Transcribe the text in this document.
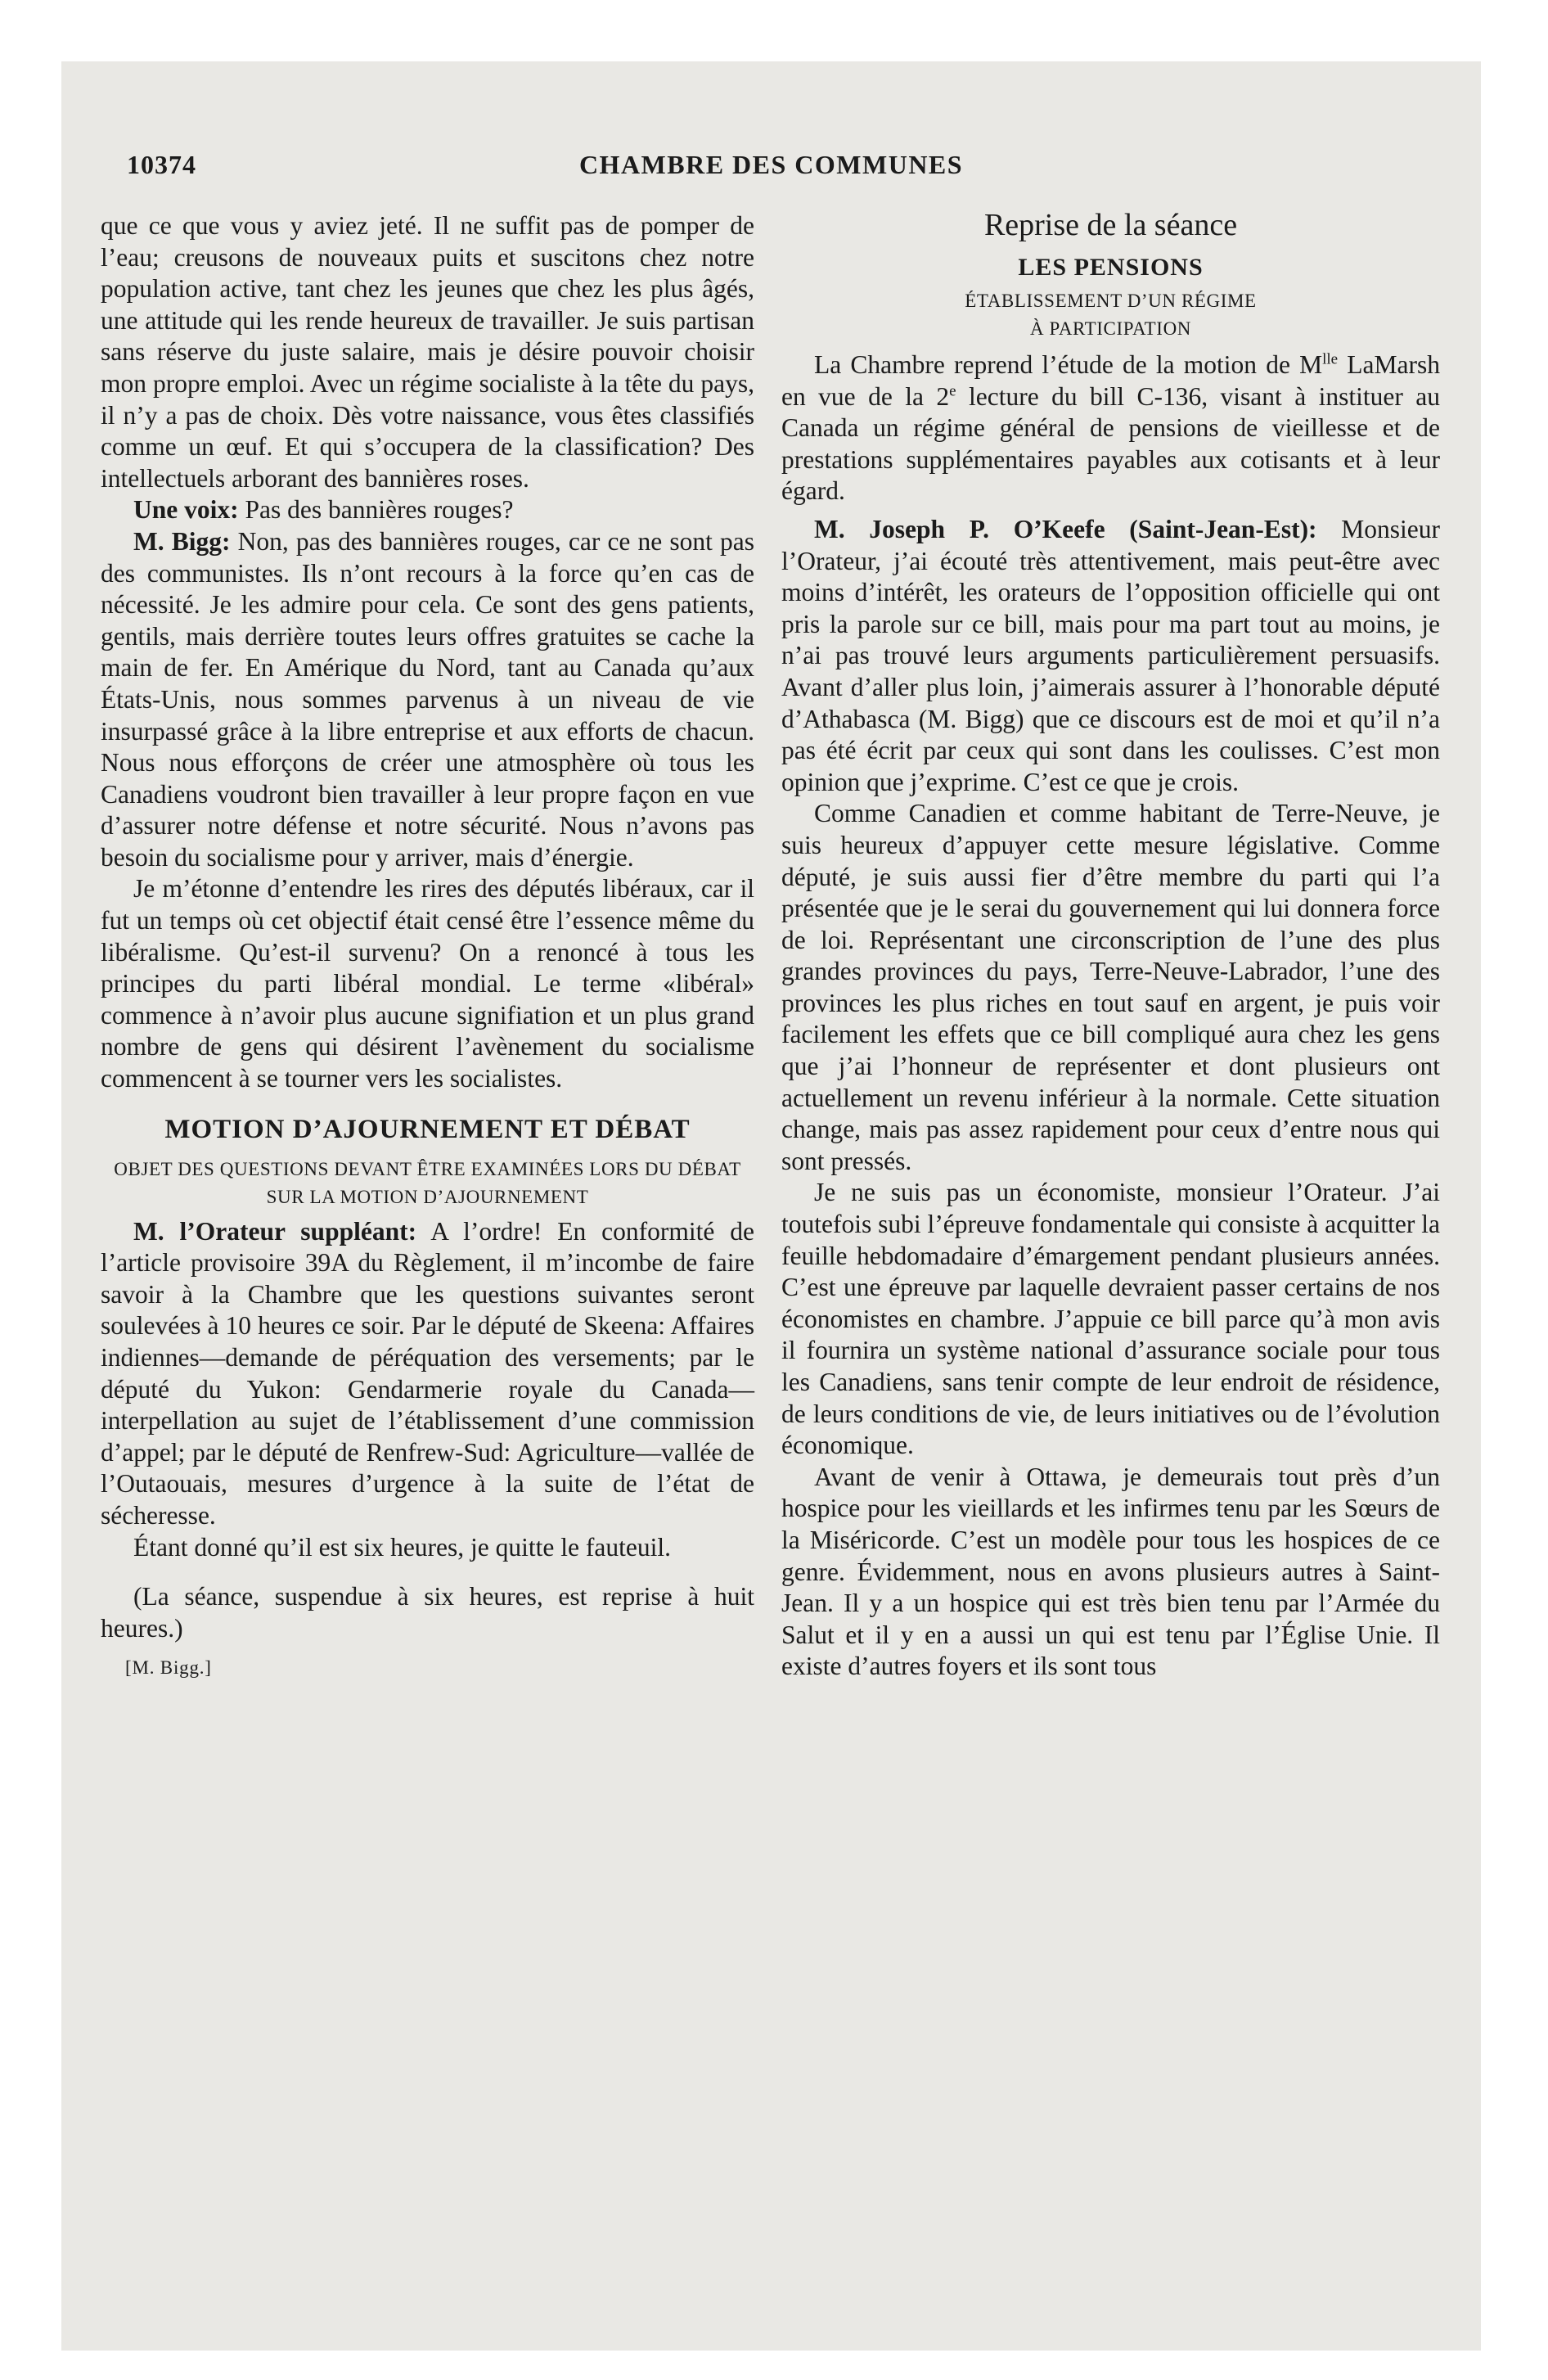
10374	CHAMBRE DES COMMUNES

que ce que vous y aviez jeté. Il ne suffit pas de pomper de l’eau; creusons de nouveaux puits et suscitons chez notre population active, tant chez les jeunes que chez les plus âgés, une attitude qui les rende heureux de travailler. Je suis partisan sans réserve du juste salaire, mais je désire pouvoir choisir mon propre emploi. Avec un régime socialiste à la tête du pays, il n’y a pas de choix. Dès votre naissance, vous êtes classifiés comme un œuf. Et qui s’occupera de la classification? Des intellectuels arborant des bannières roses.

Une voix: Pas des bannières rouges?

M. Bigg: Non, pas des bannières rouges, car ce ne sont pas des communistes. Ils n’ont recours à la force qu’en cas de nécessité. Je les admire pour cela. Ce sont des gens patients, gentils, mais derrière toutes leurs offres gratuites se cache la main de fer. En Amérique du Nord, tant au Canada qu’aux États-Unis, nous sommes parvenus à un niveau de vie insurpassé grâce à la libre entreprise et aux efforts de chacun. Nous nous efforçons de créer une atmosphère où tous les Canadiens voudront bien travailler à leur propre façon en vue d’assurer notre défense et notre sécurité. Nous n’avons pas besoin du socialisme pour y arriver, mais d’énergie.

Je m’étonne d’entendre les rires des députés libéraux, car il fut un temps où cet objectif était censé être l’essence même du libéralisme. Qu’est-il survenu? On a renoncé à tous les principes du parti libéral mondial. Le terme «libéral» commence à n’avoir plus aucune signifiation et un plus grand nombre de gens qui désirent l’avènement du socialisme commencent à se tourner vers les socialistes.

MOTION D’AJOURNEMENT ET DÉBAT

OBJET DES QUESTIONS DEVANT ÊTRE EXAMINÉES LORS DU DÉBAT SUR LA MOTION D’AJOURNEMENT

M. l’Orateur suppléant: A l’ordre! En conformité de l’article provisoire 39A du Règlement, il m’incombe de faire savoir à la Chambre que les questions suivantes seront soulevées à 10 heures ce soir. Par le député de Skeena: Affaires indiennes—demande de péréquation des versements; par le député du Yukon: Gendarmerie royale du Canada—interpellation au sujet de l’établissement d’une commission d’appel; par le député de Renfrew-Sud: Agriculture—vallée de l’Outaouais, mesures d’urgence à la suite de l’état de sécheresse.

Étant donné qu’il est six heures, je quitte le fauteuil.

(La séance, suspendue à six heures, est reprise à huit heures.)

[M. Bigg.]

Reprise de la séance

LES PENSIONS

ÉTABLISSEMENT D’UN RÉGIME

À PARTICIPATION

La Chambre reprend l’étude de la motion de $M^{lle}$ LaMarsh en vue de la 2e lecture du bill C-136, visant à instituer au Canada un régime général de pensions de vieillesse et de prestations supplémentaires payables aux cotisants et à leur égard.

M. Joseph P. O’Keefe (Saint-Jean-Est): Monsieur l’Orateur, j’ai écouté très attentivement, mais peut-être avec moins d’intérêt, les orateurs de l’opposition officielle qui ont pris la parole sur ce bill, mais pour ma part tout au moins, je n’ai pas trouvé leurs arguments particulièrement persuasifs. Avant d’aller plus loin, j’aimerais assurer à l’honorable député d’Athabasca (M. Bigg) que ce discours est de moi et qu’il n’a pas été écrit par ceux qui sont dans les coulisses. C’est mon opinion que j’exprime. C’est ce que je crois.

Comme Canadien et comme habitant de Terre-Neuve, je suis heureux d’appuyer cette mesure législative. Comme député, je suis aussi fier d’être membre du parti qui l’a présentée que je le serai du gouvernement qui lui donnera force de loi. Représentant une circonscription de l’une des plus grandes provinces du pays, Terre-Neuve-Labrador, l’une des provinces les plus riches en tout sauf en argent, je puis voir facilement les effets que ce bill compliqué aura chez les gens que j’ai l’honneur de représenter et dont plusieurs ont actuellement un revenu inférieur à la normale. Cette situation change, mais pas assez rapidement pour ceux d’entre nous qui sont pressés.

Je ne suis pas un économiste, monsieur l’Orateur. J’ai toutefois subi l’épreuve fondamentale qui consiste à acquitter la feuille hebdomadaire d’émargement pendant plusieurs années. C’est une épreuve par laquelle devraient passer certains de nos économistes en chambre. J’appuie ce bill parce qu’à mon avis il fournira un système national d’assurance sociale pour tous les Canadiens, sans tenir compte de leur endroit de résidence, de leurs conditions de vie, de leurs initiatives ou de l’évolution économique.

Avant de venir à Ottawa, je demeurais tout près d’un hospice pour les vieillards et les infirmes tenu par les Sœurs de la Miséricorde. C’est un modèle pour tous les hospices de ce genre. Évidemment, nous en avons plusieurs autres à Saint-Jean. Il y a un hospice qui est très bien tenu par l’Armée du Salut et il y en a aussi un qui est tenu par l’Église Unie. Il existe d’autres foyers et ils sont tous
